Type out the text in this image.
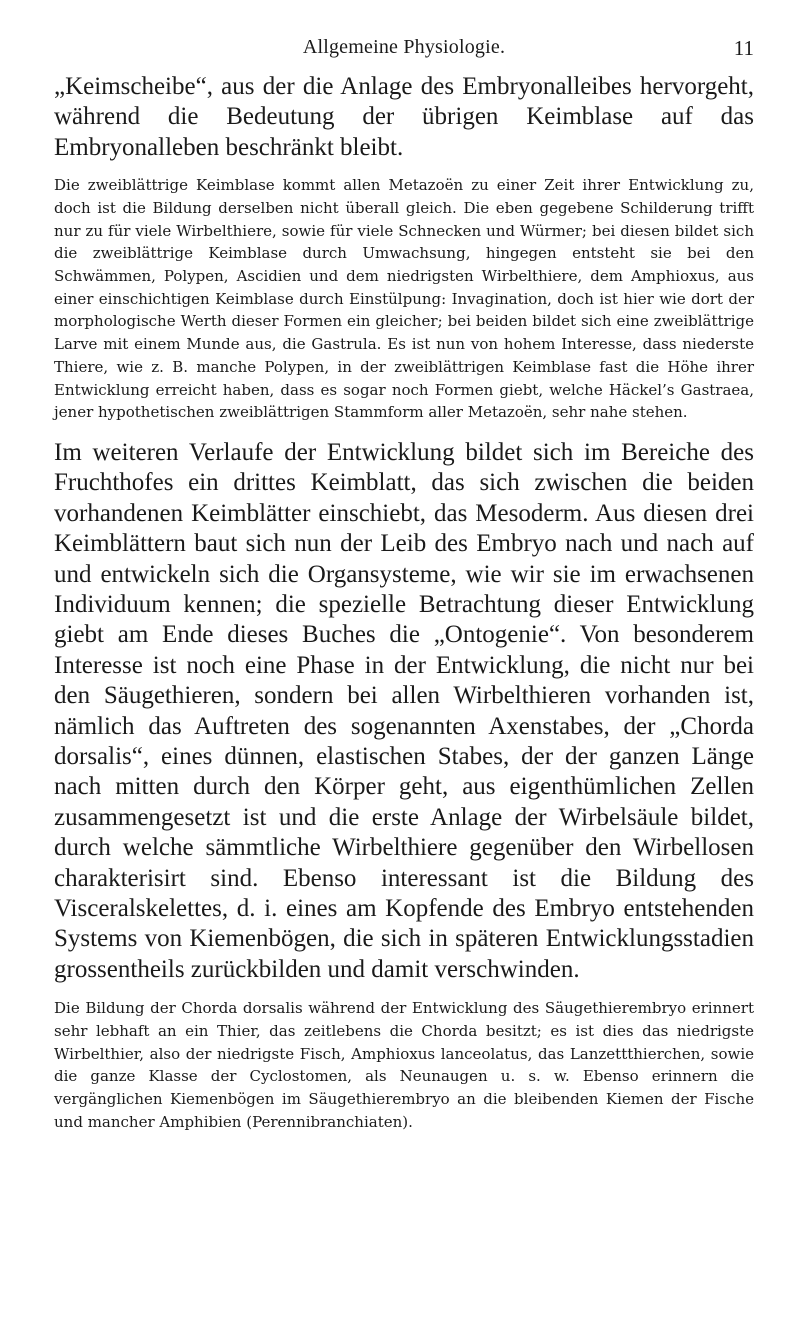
Allgemeine Physiologie.	11

„Keimscheibe“, aus der die Anlage des Embryonalleibes hervorgeht, während die Bedeutung der übrigen Keimblase auf das Embryonalleben beschränkt bleibt.

Die zweiblättrige Keimblase kommt allen Metazoën zu einer Zeit ihrer Entwicklung zu, doch ist die Bildung derselben nicht überall gleich. Die eben gegebene Schilderung trifft nur zu für viele Wirbelthiere, sowie für viele Schnecken und Würmer; bei diesen bildet sich die zweiblättrige Keimblase durch Umwachsung, hingegen entsteht sie bei den Schwämmen, Polypen, Ascidien und dem niedrigsten Wirbelthiere, dem Amphioxus, aus einer einschichtigen Keimblase durch Einstülpung: Invagination, doch ist hier wie dort der morphologische Werth dieser Formen ein gleicher; bei beiden bildet sich eine zweiblättrige Larve mit einem Munde aus, die Gastrula. Es ist nun von hohem Interesse, dass niederste Thiere, wie z. B. manche Polypen, in der zweiblättrigen Keimblase fast die Höhe ihrer Entwicklung erreicht haben, dass es sogar noch Formen giebt, welche Häckel’s Gastraea, jener hypothetischen zweiblättrigen Stammform aller Metazoën, sehr nahe stehen.

Im weiteren Verlaufe der Entwicklung bildet sich im Bereiche des Fruchthofes ein drittes Keimblatt, das sich zwischen die beiden vorhandenen Keimblätter einschiebt, das Mesoderm. Aus diesen drei Keimblättern baut sich nun der Leib des Embryo nach und nach auf und entwickeln sich die Organsysteme, wie wir sie im erwachsenen Individuum kennen; die spezielle Betrachtung dieser Entwicklung giebt am Ende dieses Buches die „Ontogenie“. Von besonderem Interesse ist noch eine Phase in der Entwicklung, die nicht nur bei den Säugethieren, sondern bei allen Wirbelthieren vorhanden ist, nämlich das Auftreten des sogenannten Axenstabes, der „Chorda dorsalis“, eines dünnen, elastischen Stabes, der der ganzen Länge nach mitten durch den Körper geht, aus eigenthümlichen Zellen zusammengesetzt ist und die erste Anlage der Wirbelsäule bildet, durch welche sämmtliche Wirbelthiere gegenüber den Wirbellosen charakterisirt sind. Ebenso interessant ist die Bildung des Visceralskelettes, d. i. eines am Kopfende des Embryo entstehenden Systems von Kiemenbögen, die sich in späteren Entwicklungsstadien grossentheils zurückbilden und damit verschwinden.

Die Bildung der Chorda dorsalis während der Entwicklung des Säugethierembryo erinnert sehr lebhaft an ein Thier, das zeitlebens die Chorda besitzt; es ist dies das niedrigste Wirbelthier, also der niedrigste Fisch, Amphioxus lanceolatus, das Lanzettthierchen, sowie die ganze Klasse der Cyclostomen, als Neunaugen u. s. w. Ebenso erinnern die vergänglichen Kiemenbögen im Säugethierembryo an die bleibenden Kiemen der Fische und mancher Amphibien (Perennibranchiaten).
